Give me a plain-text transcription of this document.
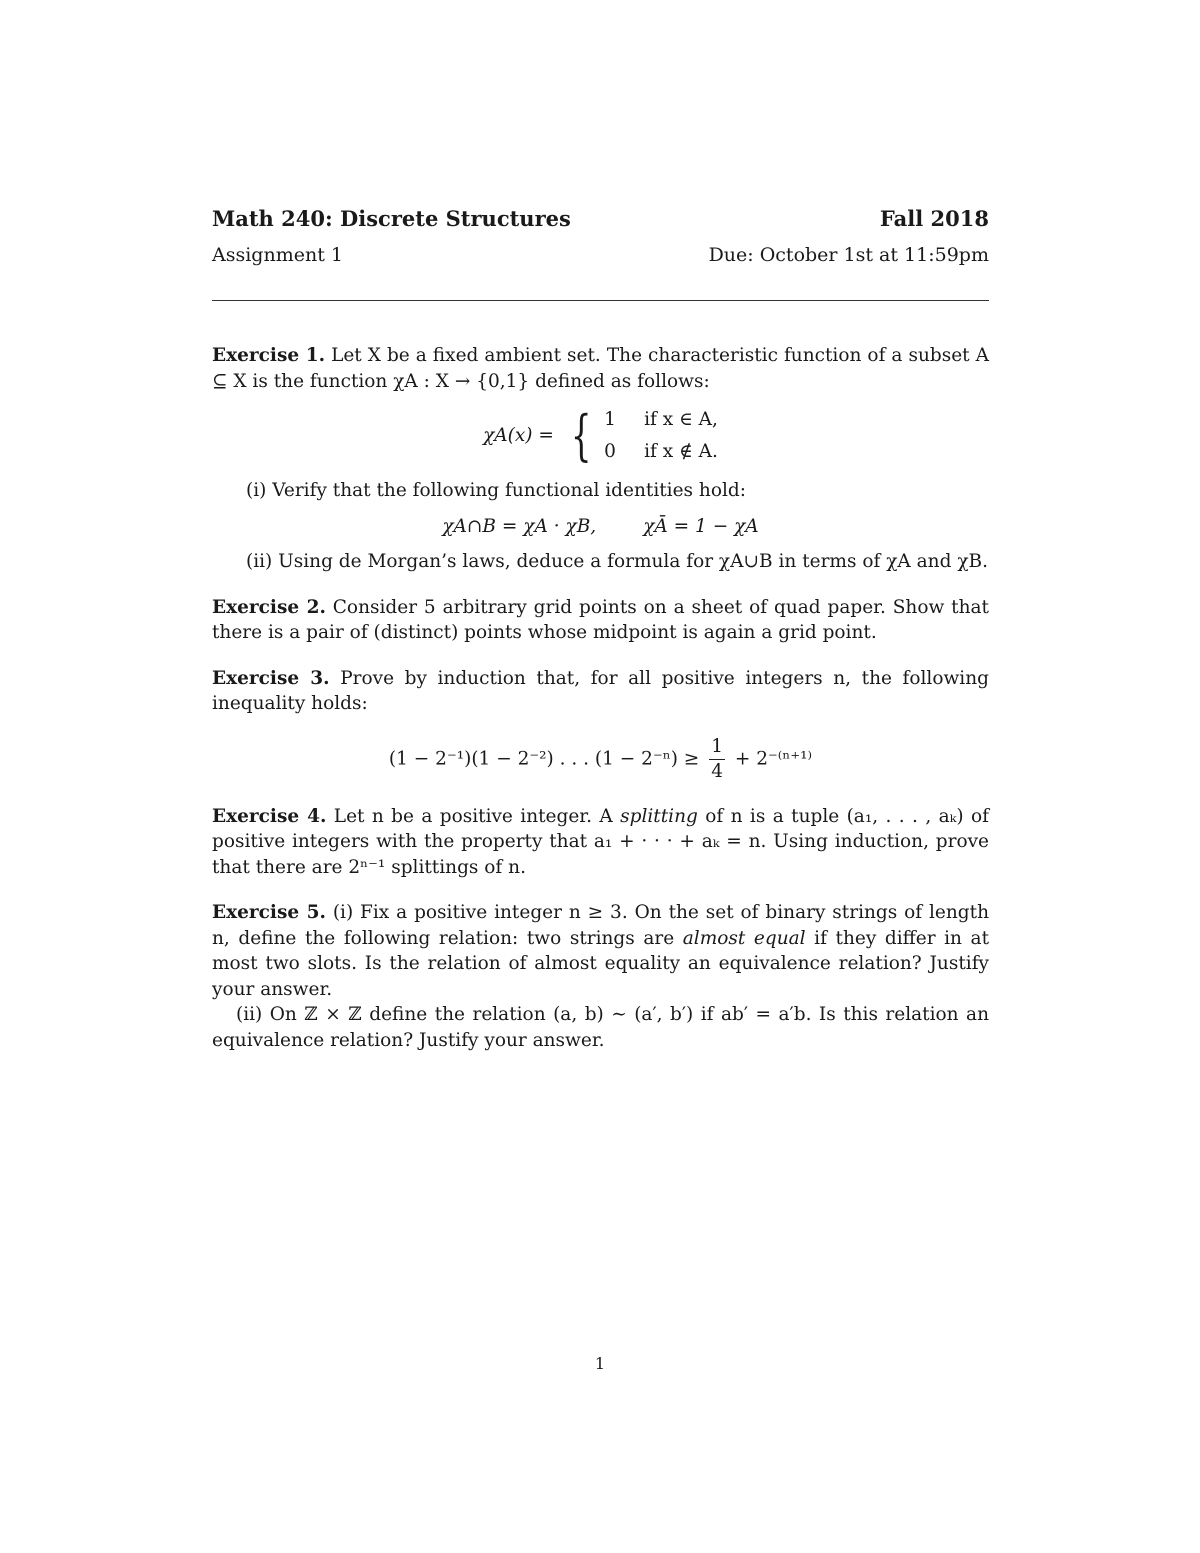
Math 240: Discrete Structures	Fall 2018
Assignment 1	Due: October 1st at 11:59pm
Exercise 1. Let X be a fixed ambient set. The characteristic function of a subset A ⊆ X is the function χA : X → {0,1} defined as follows:
χA(x) = { 1 if x ∈ A,
0 if x ∉ A.
(i) Verify that the following functional identities hold:
χA∩B = χA · χB,        χĀ = 1 − χA
(ii) Using de Morgan’s laws, deduce a formula for χA∪B in terms of χA and χB.
Exercise 2. Consider 5 arbitrary grid points on a sheet of quad paper. Show that there is a pair of (distinct) points whose midpoint is again a grid point.
Exercise 3. Prove by induction that, for all positive integers n, the following inequality holds:
(1 − 2⁻¹)(1 − 2⁻²) . . . $(1 - 2^{-n}) \ge \frac{1}{4} + 2^{-(n+1)}$
Exercise 4. Let n be a positive integer. A splitting of n is a tuple (a₁, . . . , aₖ) of positive integers with the property that a₁ + · · · + aₖ = n. Using induction, prove that there are 2ⁿ⁻¹ splittings of n.
Exercise 5. (i) Fix a positive integer n ≥ 3. On the set of binary strings of length n, define the following relation: two strings are almost equal if they differ in at most two slots. Is the relation of almost equality an equivalence relation? Justify your answer.
(ii) On ℤ × ℤ define the relation (a, b) ∼ (a′, b′) if ab′ = a′b. Is this relation an equivalence relation? Justify your answer.
1
